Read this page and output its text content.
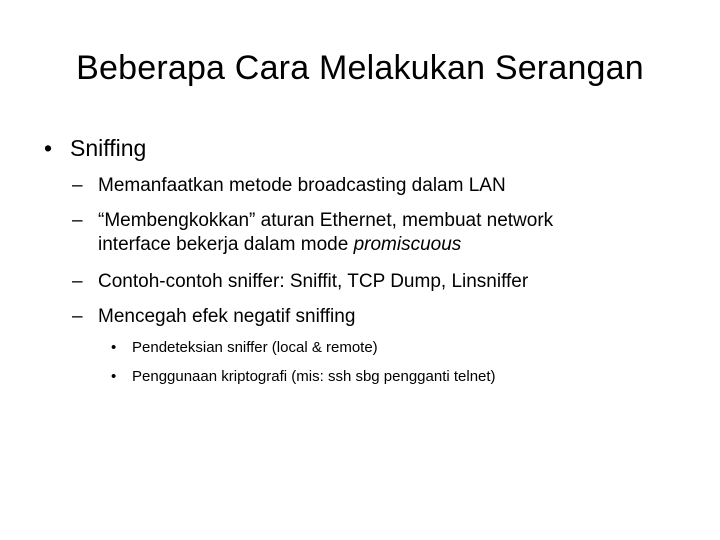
Beberapa Cara Melakukan Serangan
• Sniffing
– Memanfaatkan metode broadcasting dalam LAN
– “Membengkokkan” aturan Ethernet, membuat network
interface bekerja dalam mode promiscuous
– Contoh-contoh sniffer: Sniffit, TCP Dump, Linsniffer
– Mencegah efek negatif sniffing
• Pendeteksian sniffer (local & remote)
• Penggunaan kriptografi (mis: ssh sbg pengganti telnet)
